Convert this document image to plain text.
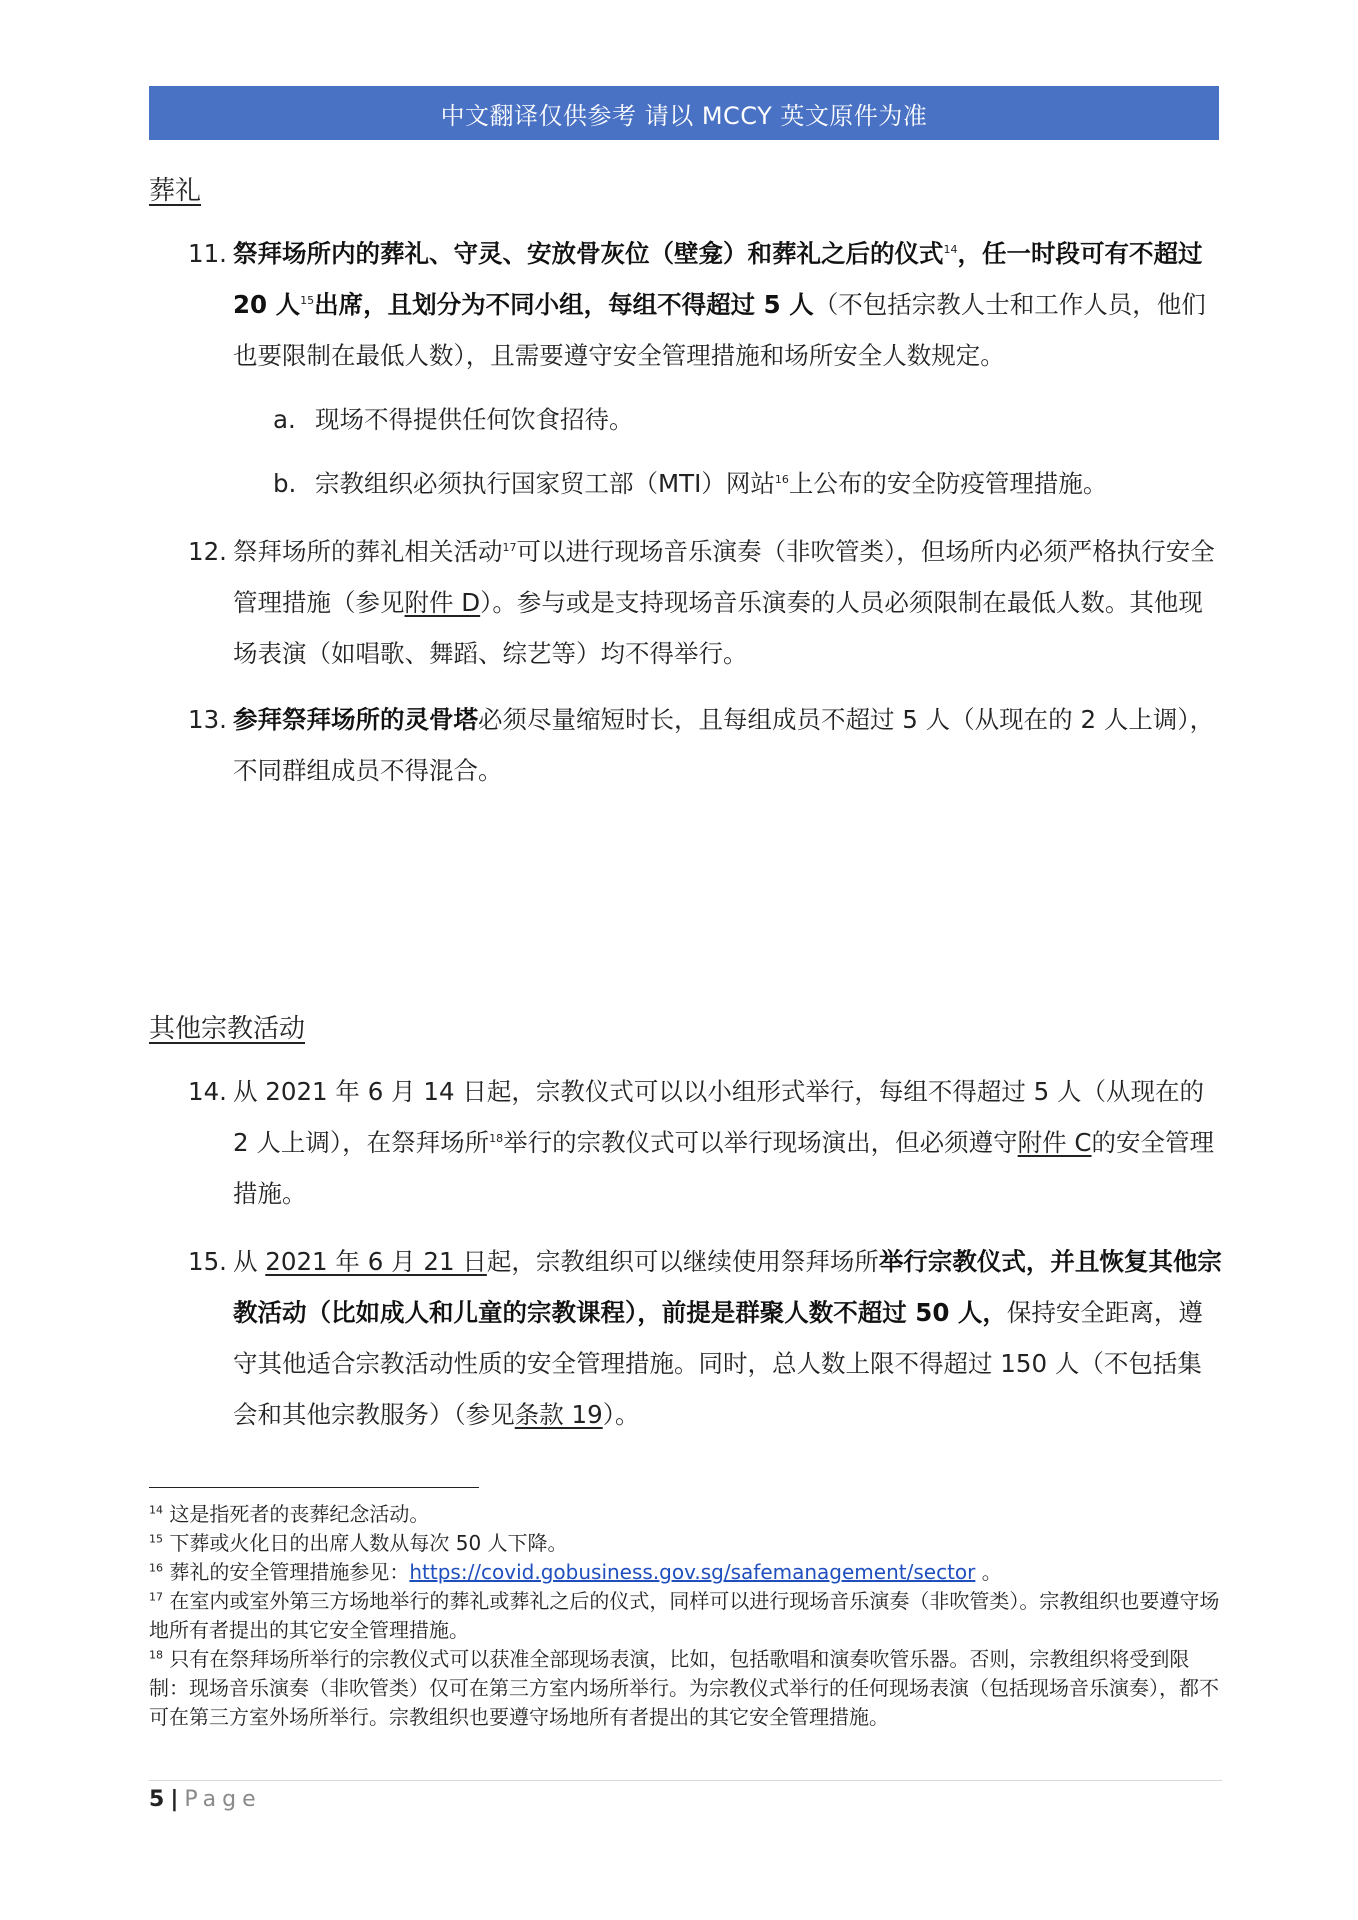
中文翻译仅供参考 请以 MCCY 英文原件为准
葬礼
11. 祭拜场所内的葬礼、守灵、安放骨灰位（壁龛）和葬礼之后的仪式$^{14}$，任一时段可有不超过 20 人$^{15}$出席，且划分为不同小组，每组不得超过 5 人（不包括宗教人士和工作人员，他们也要限制在最低人数），且需要遵守安全管理措施和场所安全人数规定。
a. 现场不得提供任何饮食招待。
b. 宗教组织必须执行国家贸工部（MTI）网站$^{16}$上公布的安全防疫管理措施。
12. 祭拜场所的葬礼相关活动$^{17}$可以进行现场音乐演奏（非吹管类），但场所内必须严格执行安全管理措施（参见附件 D）。参与或是支持现场音乐演奏的人员必须限制在最低人数。其他现场表演（如唱歌、舞蹈、综艺等）均不得举行。
13. 参拜祭拜场所的灵骨塔必须尽量缩短时长，且每组成员不超过 5 人（从现在的 2 人上调），不同群组成员不得混合。
其他宗教活动
14. 从 2021 年 6 月 14 日起，宗教仪式可以以小组形式举行，每组不得超过 5 人（从现在的 2 人上调），在祭拜场所$^{18}$举行的宗教仪式可以举行现场演出，但必须遵守附件 C的安全管理措施。
15. 从 2021 年 6 月 21 日起，宗教组织可以继续使用祭拜场所举行宗教仪式，并且恢复其他宗教活动（比如成人和儿童的宗教课程），前提是群聚人数不超过 50 人，保持安全距离，遵守其他适合宗教活动性质的安全管理措施。同时，总人数上限不得超过 150 人（不包括集会和其他宗教服务）（参见条款 19）。

$^{14}$ 这是指死者的丧葬纪念活动。

$^{15}$ 下葬或火化日的出席人数从每次 50 人下降。

$^{16}$ 葬礼的安全管理措施参见：https://covid.gobusiness.gov.sg/safemanagement/sector 。

$^{17}$ 在室内或室外第三方场地举行的葬礼或葬礼之后的仪式，同样可以进行现场音乐演奏（非吹管类）。宗教组织也要遵守场地所有者提出的其它安全管理措施。

$^{18}$ 只有在祭拜场所举行的宗教仪式可以获准全部现场表演，比如，包括歌唱和演奏吹管乐器。否则，宗教组织将受到限制：现场音乐演奏（非吹管类）仅可在第三方室内场所举行。为宗教仪式举行的任何现场表演（包括现场音乐演奏），都不可在第三方室外场所举行。宗教组织也要遵守场地所有者提出的其它安全管理措施。

5 | Page
